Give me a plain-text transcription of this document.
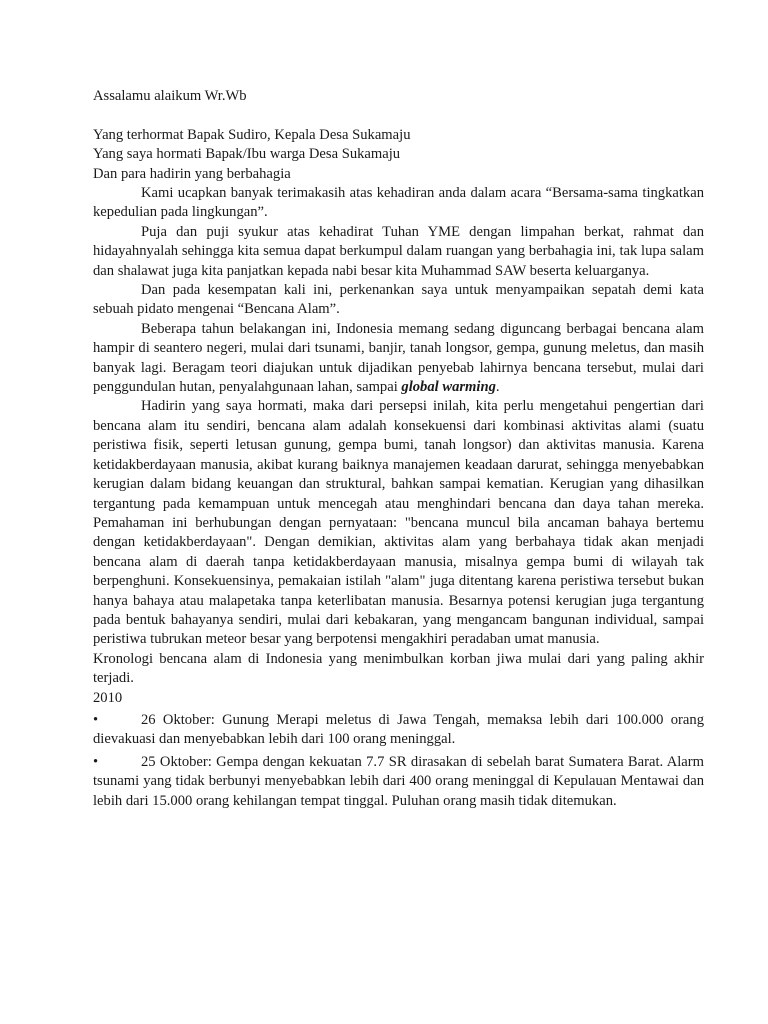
Assalamu alaikum Wr.Wb

Yang terhormat Bapak Sudiro, Kepala Desa Sukamaju

Yang saya hormati Bapak/Ibu warga Desa Sukamaju

Dan para hadirin yang berbahagia

Kami ucapkan banyak terimakasih atas kehadiran anda dalam acara “Bersama-sama tingkatkan kepedulian pada lingkungan”.

Puja dan puji syukur atas kehadirat Tuhan YME dengan limpahan berkat, rahmat dan hidayahnyalah sehingga kita semua dapat berkumpul dalam ruangan yang berbahagia ini, tak lupa salam dan shalawat juga kita panjatkan kepada nabi besar kita Muhammad SAW beserta keluarganya.

Dan pada kesempatan kali ini, perkenankan saya untuk menyampaikan sepatah demi kata sebuah pidato mengenai “Bencana Alam”.

Beberapa tahun belakangan ini, Indonesia memang sedang diguncang berbagai bencana alam hampir di seantero negeri, mulai dari tsunami, banjir, tanah longsor, gempa, gunung meletus, dan masih banyak lagi. Beragam teori diajukan untuk dijadikan penyebab lahirnya bencana tersebut, mulai dari penggundulan hutan, penyalahgunaan lahan, sampai global warming.

Hadirin yang saya hormati, maka dari persepsi inilah, kita perlu mengetahui pengertian dari bencana alam itu sendiri, bencana alam adalah konsekuensi dari kombinasi aktivitas alami (suatu peristiwa fisik, seperti letusan gunung, gempa bumi, tanah longsor) dan aktivitas manusia. Karena ketidakberdayaan manusia, akibat kurang baiknya manajemen keadaan darurat, sehingga menyebabkan kerugian dalam bidang keuangan dan struktural, bahkan sampai kematian. Kerugian yang dihasilkan tergantung pada kemampuan untuk mencegah atau menghindari bencana dan daya tahan mereka. Pemahaman ini berhubungan dengan pernyataan: "bencana muncul bila ancaman bahaya bertemu dengan ketidakberdayaan". Dengan demikian, aktivitas alam yang berbahaya tidak akan menjadi bencana alam di daerah tanpa ketidakberdayaan manusia, misalnya gempa bumi di wilayah tak berpenghuni. Konsekuensinya, pemakaian istilah "alam" juga ditentang karena peristiwa tersebut bukan hanya bahaya atau malapetaka tanpa keterlibatan manusia. Besarnya potensi kerugian juga tergantung pada bentuk bahayanya sendiri, mulai dari kebakaran, yang mengancam bangunan individual, sampai peristiwa tubrukan meteor besar yang berpotensi mengakhiri peradaban umat manusia.

Kronologi bencana alam di Indonesia yang menimbulkan korban jiwa mulai dari yang paling akhir terjadi.

2010

•	26 Oktober: Gunung Merapi meletus di Jawa Tengah, memaksa lebih dari 100.000 orang dievakuasi dan menyebabkan lebih dari 100 orang meninggal.

•	25 Oktober: Gempa dengan kekuatan 7.7 SR dirasakan di sebelah barat Sumatera Barat. Alarm tsunami yang tidak berbunyi menyebabkan lebih dari 400 orang meninggal di Kepulauan Mentawai dan lebih dari 15.000 orang kehilangan tempat tinggal. Puluhan orang masih tidak ditemukan.
